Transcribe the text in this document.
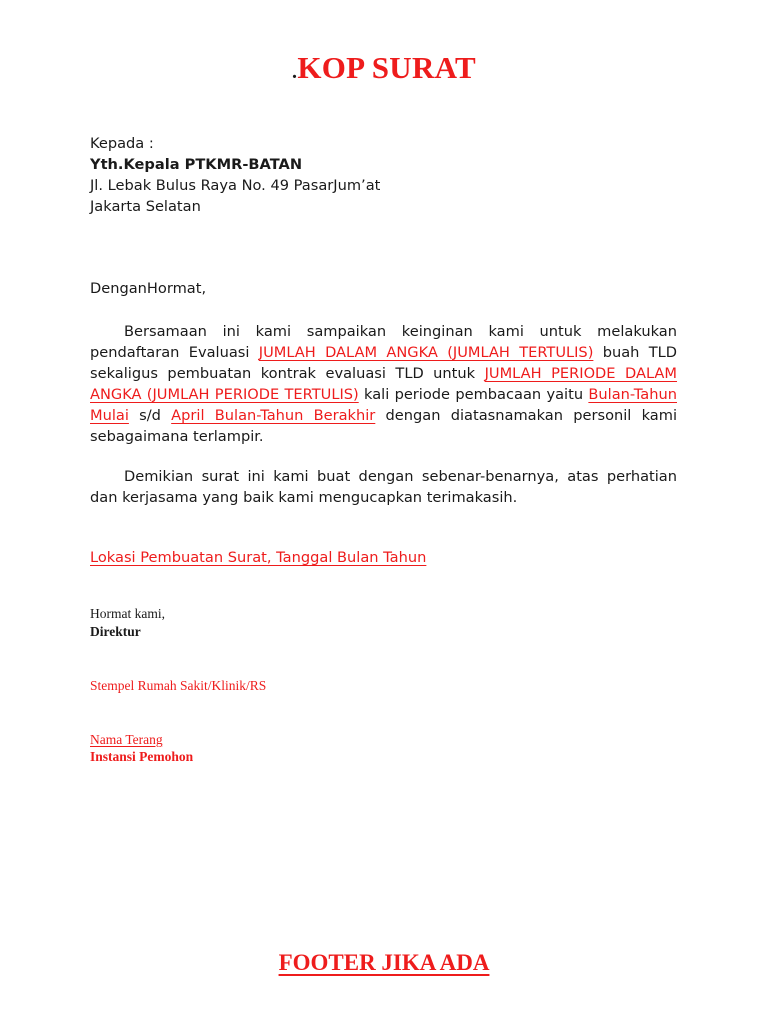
.KOP SURAT
Kepada :
Yth.Kepala PTKMR-BATAN
Jl. Lebak Bulus Raya No. 49 PasarJum’at
Jakarta Selatan
DenganHormat,

Bersamaan ini kami sampaikan keinginan kami untuk melakukan pendaftaran Evaluasi JUMLAH DALAM ANGKA (JUMLAH TERTULIS) buah TLD sekaligus pembuatan kontrak evaluasi TLD untuk JUMLAH PERIODE DALAM ANGKA (JUMLAH PERIODE TERTULIS) kali periode pembacaan yaitu Bulan-Tahun Mulai s/d April Bulan-Tahun Berakhir dengan diatasnamakan personil kami sebagaimana terlampir.

Demikian surat ini kami buat dengan sebenar-benarnya, atas perhatian dan kerjasama yang baik kami mengucapkan terimakasih.

Lokasi Pembuatan Surat, Tanggal Bulan Tahun
Hormat kami,
Direktur
Stempel Rumah Sakit/Klinik/RS
Nama Terang
Instansi Pemohon
FOOTER JIKA ADA
